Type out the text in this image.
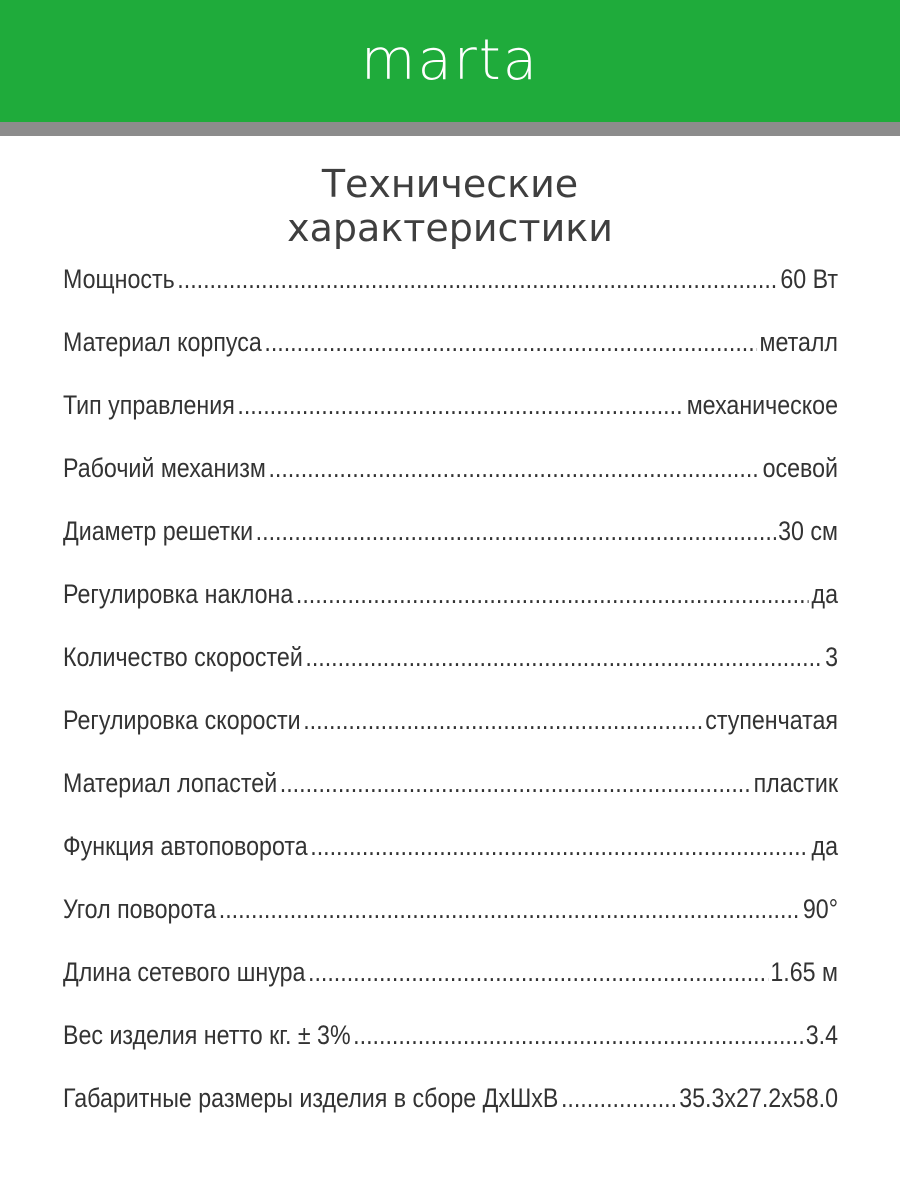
marta
Технические
характеристики
Мощность .....	60 Вт
Материал корпуса .....	металл
Тип управления .....	механическое
Рабочий механизм .....	осевой
Диаметр решетки .....	30 см
Регулировка наклона .....	да
Количество скоростей .....	3
Регулировка скорости .....	ступенчатая
Материал лопастей .....	пластик
Функция автоповорота .....	да
Угол поворота .....	90°
Длина сетевого шнура .....	1.65 м
Вес изделия нетто кг. ± 3% .....	3.4
Габаритные размеры изделия в сборе ДхШхВ .....	35.3x27.2x58.0
